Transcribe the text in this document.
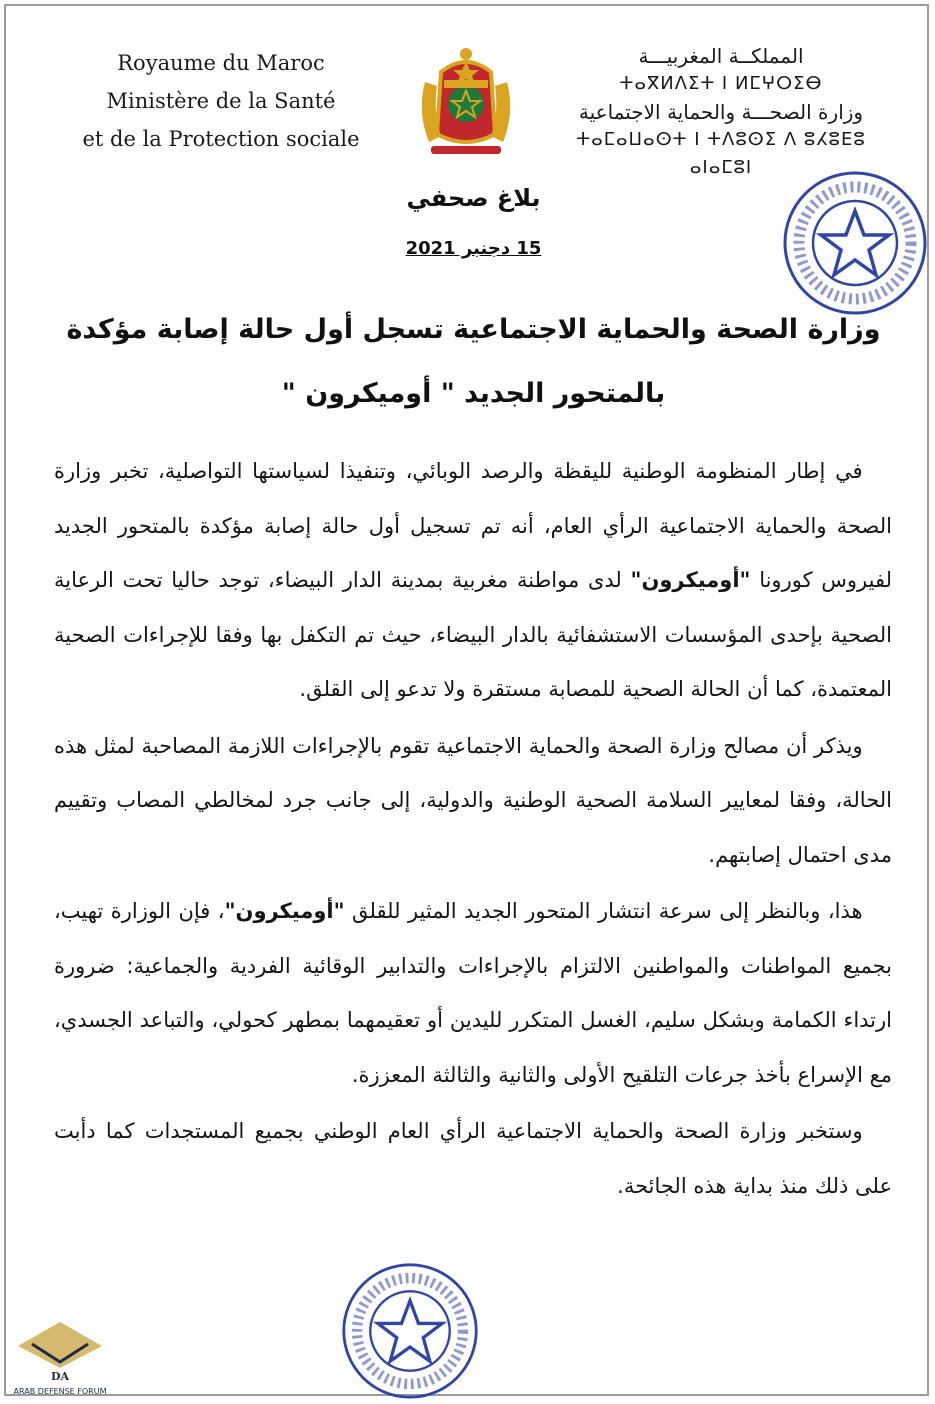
Royaume du Maroc
Ministère de la Santé
et de la Protection sociale
المملكــة المغربيـــة
ⵜⴰⴳⵍⴷⵉⵜ ⵏ ⵍⵎⵖⵔⵉⴱ
وزارة الصحـــة والحماية الاجتماعية
ⵜⴰⵎⴰⵡⴰⵙⵜ ⵏ ⵜⴷⵓⵙⵉ ⴷ ⵓⵃⵓⴹⵓ ⴰⵏⴰⵎⵓⵏ
بلاغ صحفي
15 دجنبر 2021
وزارة الصحة والحماية الاجتماعية تسجل أول حالة إصابة مؤكدة
بالمتحور الجديد " أوميكرون "

في إطار المنظومة الوطنية لليقظة والرصد الوبائي، وتنفيذا لسياستها التواصلية، تخبر وزارة الصحة والحماية الاجتماعية الرأي العام، أنه تم تسجيل أول حالة إصابة مؤكدة بالمتحور الجديد لفيروس كورونا "أوميكرون" لدى مواطنة مغربية بمدينة الدار البيضاء، توجد حاليا تحت الرعاية الصحية بإحدى المؤسسات الاستشفائية بالدار البيضاء، حيث تم التكفل بها وفقا للإجراءات الصحية المعتمدة، كما أن الحالة الصحية للمصابة مستقرة ولا تدعو إلى القلق.

ويذكر أن مصالح وزارة الصحة والحماية الاجتماعية تقوم بالإجراءات اللازمة المصاحبة لمثل هذه الحالة، وفقا لمعايير السلامة الصحية الوطنية والدولية، إلى جانب جرد لمخالطي المصاب وتقييم مدى احتمال إصابتهم.

هذا، وبالنظر إلى سرعة انتشار المتحور الجديد المثير للقلق "أوميكرون"، فإن الوزارة تهيب، بجميع المواطنات والمواطنين الالتزام بالإجراءات والتدابير الوقائية الفردية والجماعية: ضرورة ارتداء الكمامة وبشكل سليم، الغسل المتكرر لليدين أو تعقيمهما بمطهر كحولي، والتباعد الجسدي، مع الإسراع بأخذ جرعات التلقيح الأولى والثانية والثالثة المعززة.

وستخبر وزارة الصحة والحماية الاجتماعية الرأي العام الوطني بجميع المستجدات كما دأبت على ذلك منذ بداية هذه الجائحة.

DA
ARAB DEFENSE FORUM
